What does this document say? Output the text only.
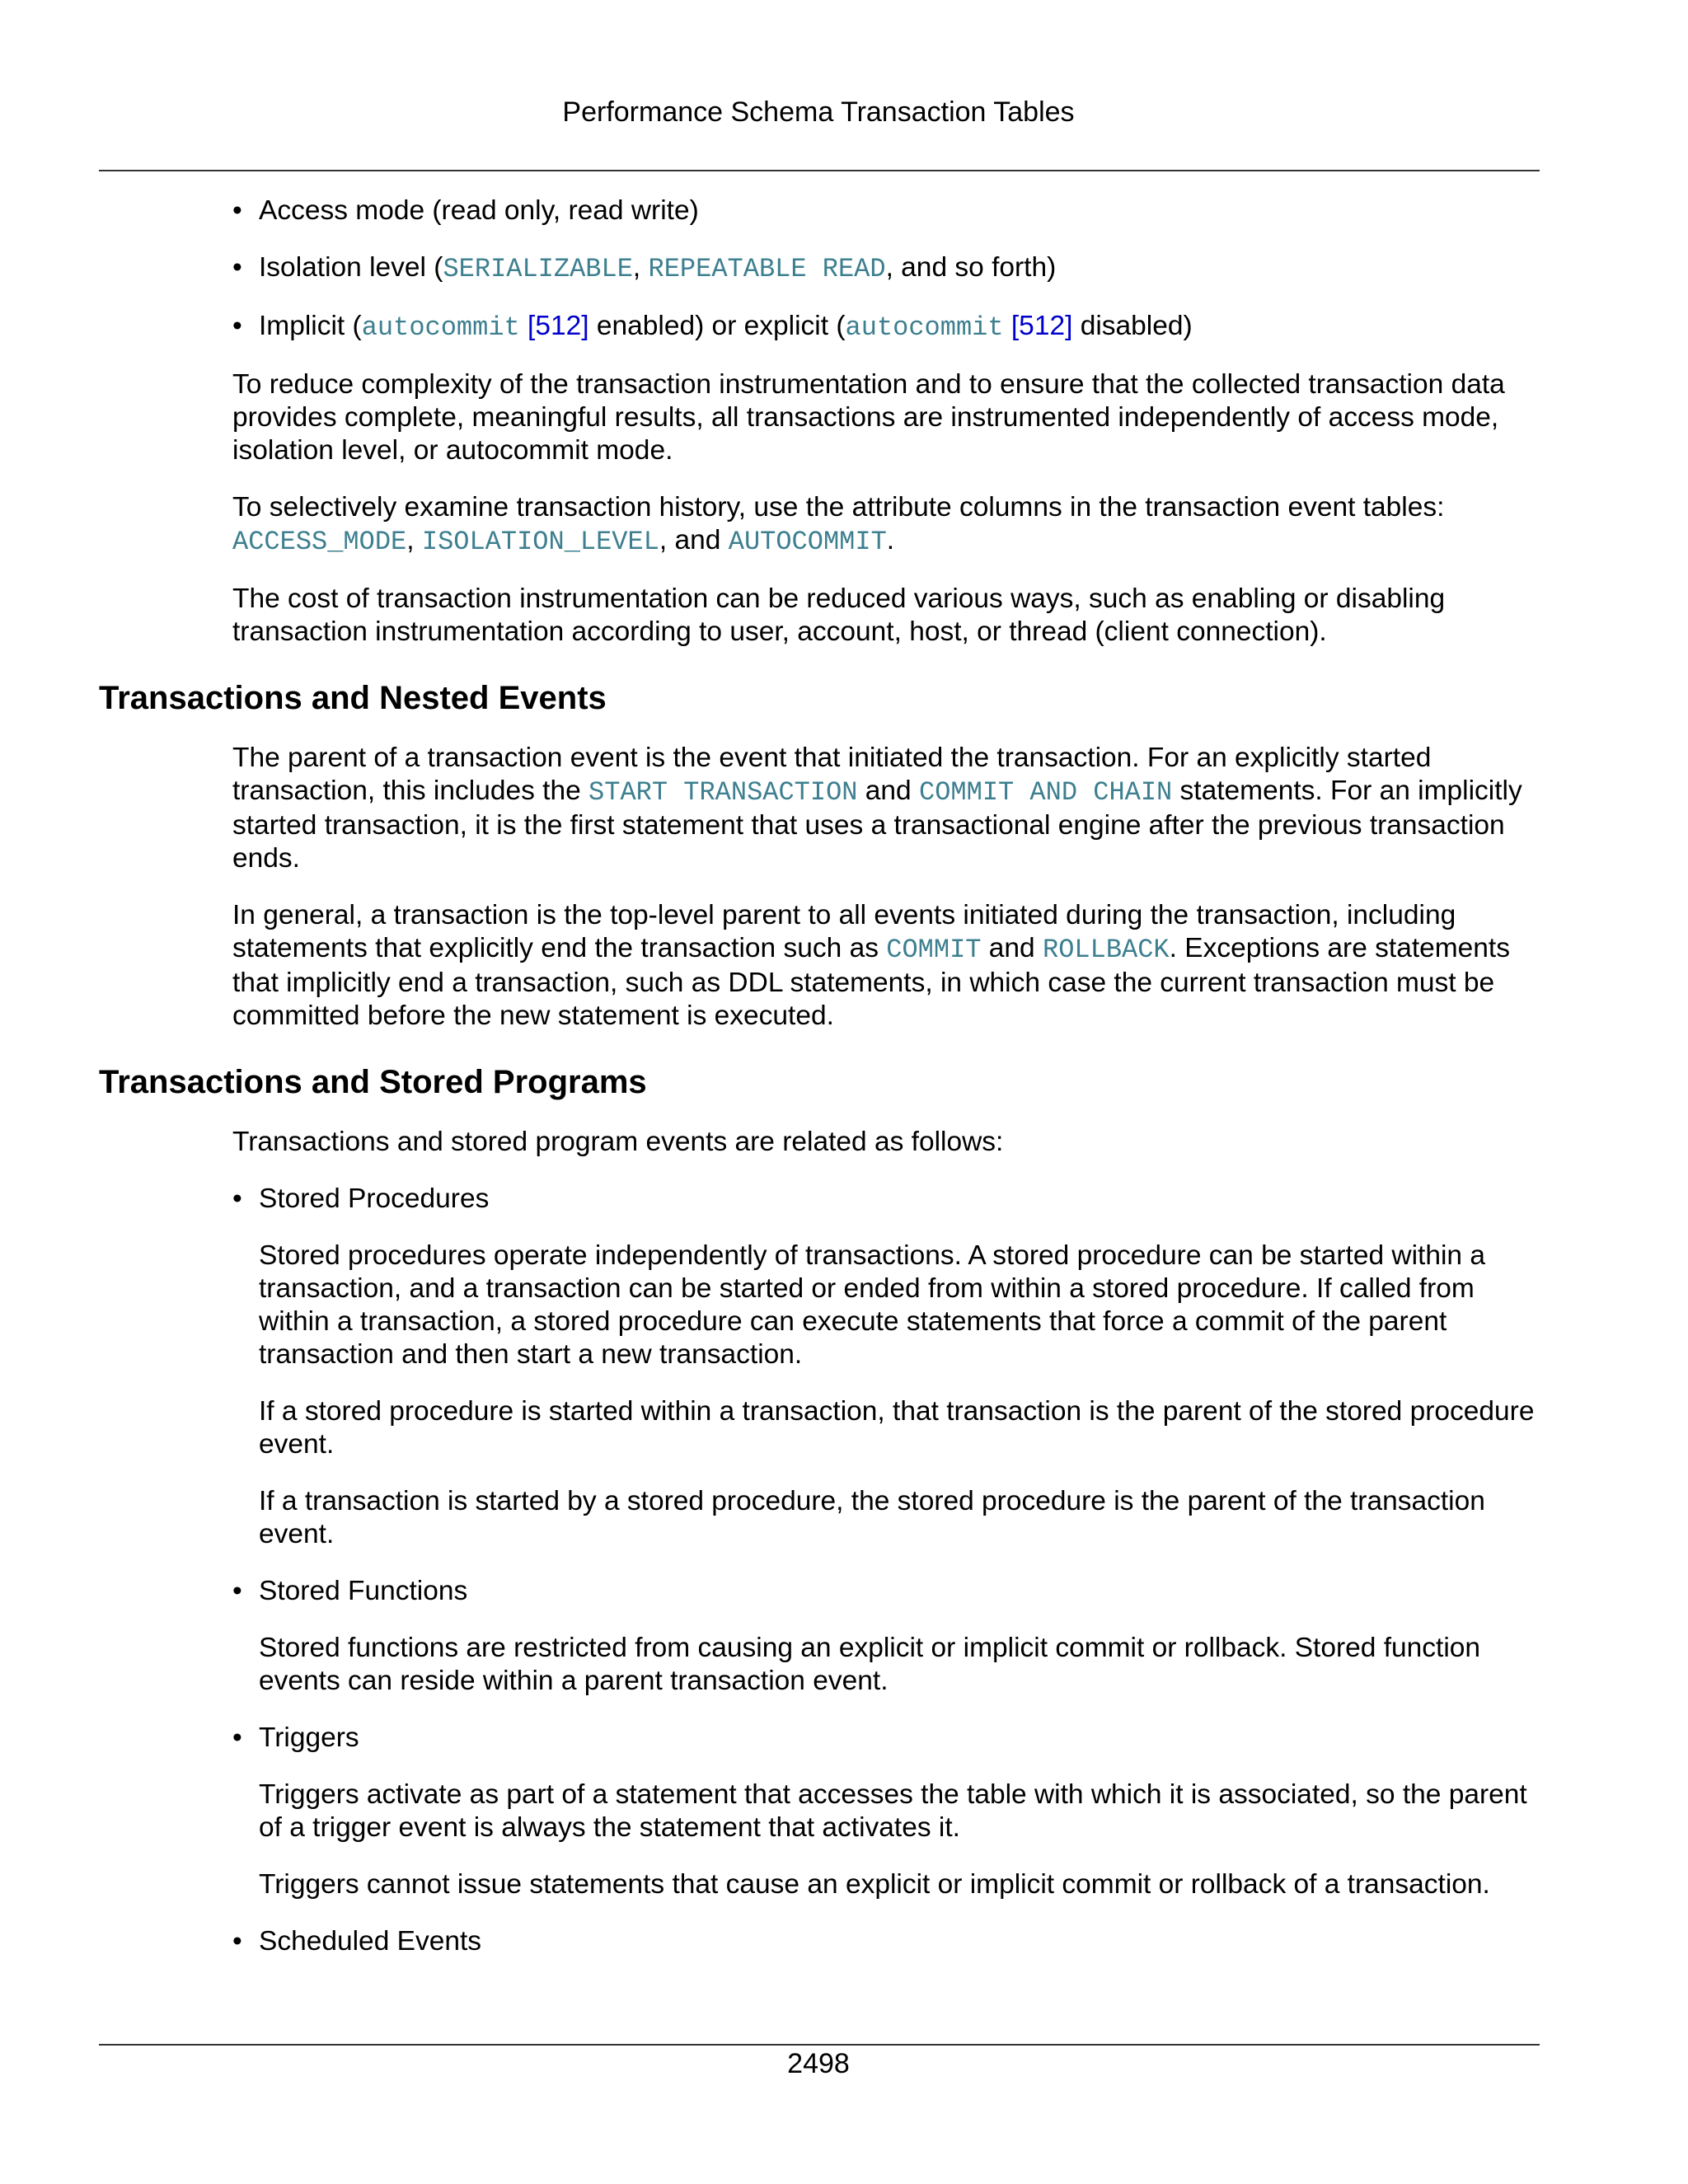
Performance Schema Transaction Tables
• Access mode (read only, read write)
• Isolation level (SERIALIZABLE, REPEATABLE READ, and so forth)
• Implicit (autocommit [512] enabled) or explicit (autocommit [512] disabled)

To reduce complexity of the transaction instrumentation and to ensure that the collected transaction data provides complete, meaningful results, all transactions are instrumented independently of access mode, isolation level, or autocommit mode.

To selectively examine transaction history, use the attribute columns in the transaction event tables: ACCESS_MODE, ISOLATION_LEVEL, and AUTOCOMMIT.

The cost of transaction instrumentation can be reduced various ways, such as enabling or disabling transaction instrumentation according to user, account, host, or thread (client connection).

Transactions and Nested Events

The parent of a transaction event is the event that initiated the transaction. For an explicitly started transaction, this includes the START TRANSACTION and COMMIT AND CHAIN statements. For an implicitly started transaction, it is the first statement that uses a transactional engine after the previous transaction ends.

In general, a transaction is the top-level parent to all events initiated during the transaction, including statements that explicitly end the transaction such as COMMIT and ROLLBACK. Exceptions are statements that implicitly end a transaction, such as DDL statements, in which case the current transaction must be committed before the new statement is executed.

Transactions and Stored Programs

Transactions and stored program events are related as follows:

• Stored Procedures

Stored procedures operate independently of transactions. A stored procedure can be started within a transaction, and a transaction can be started or ended from within a stored procedure. If called from within a transaction, a stored procedure can execute statements that force a commit of the parent transaction and then start a new transaction.

If a stored procedure is started within a transaction, that transaction is the parent of the stored procedure event.

If a transaction is started by a stored procedure, the stored procedure is the parent of the transaction event.

• Stored Functions

Stored functions are restricted from causing an explicit or implicit commit or rollback. Stored function events can reside within a parent transaction event.

• Triggers

Triggers activate as part of a statement that accesses the table with which it is associated, so the parent of a trigger event is always the statement that activates it.

Triggers cannot issue statements that cause an explicit or implicit commit or rollback of a transaction.

• Scheduled Events
2498
